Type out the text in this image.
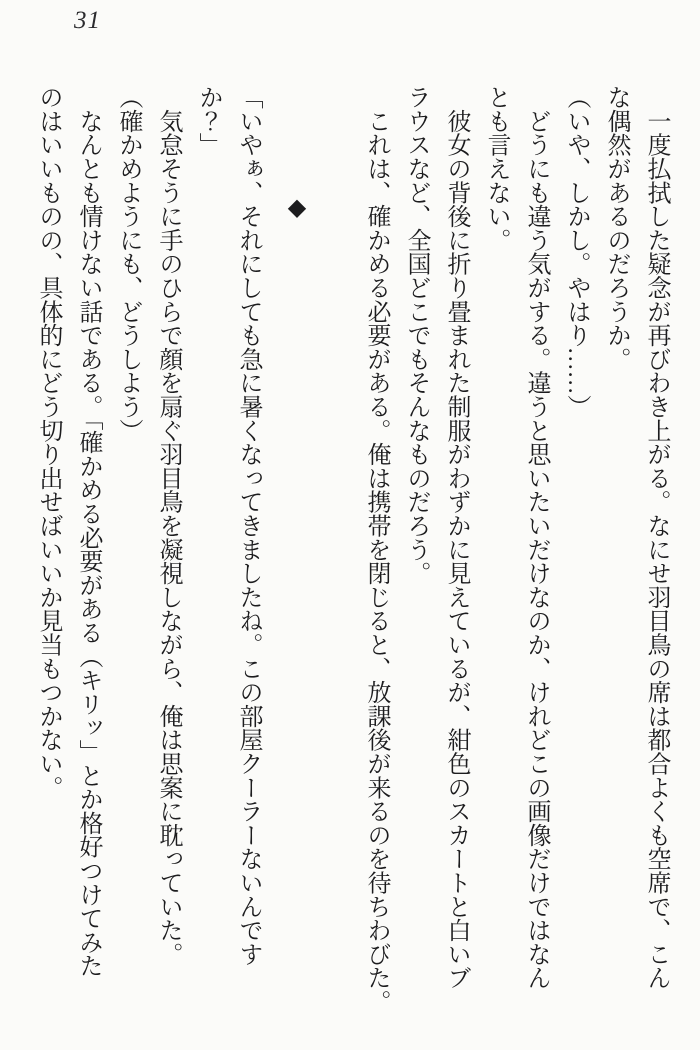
31

　一度払拭した疑念が再びわき上がる。なにせ羽目鳥の席は都合よくも空席で、こん

な偶然があるのだろうか。

（いや、しかし。やはり……）

　どうにも違う気がする。違うと思いたいだけなのか、けれどこの画像だけではなん

とも言えない。

　彼女の背後に折り畳まれた制服がわずかに見えているが、紺色のスカートと白いブ

ラウスなど、全国どこでもそんなものだろう。

　これは、確かめる必要がある。俺は携帯を閉じると、放課後が来るのを待ちわびた。

◆

「いやぁ、それにしても急に暑くなってきましたね。この部屋クーラーないんです

か？」

　気怠そうに手のひらで顔を扇ぐ羽目鳥を凝視しながら、俺は思案に耽っていた。

（確かめようにも、どうしよう）

　なんとも情けない話である。「確かめる必要がある（キリッ」とか格好つけてみた

のはいいものの、具体的にどう切り出せばいいか見当もつかない。
